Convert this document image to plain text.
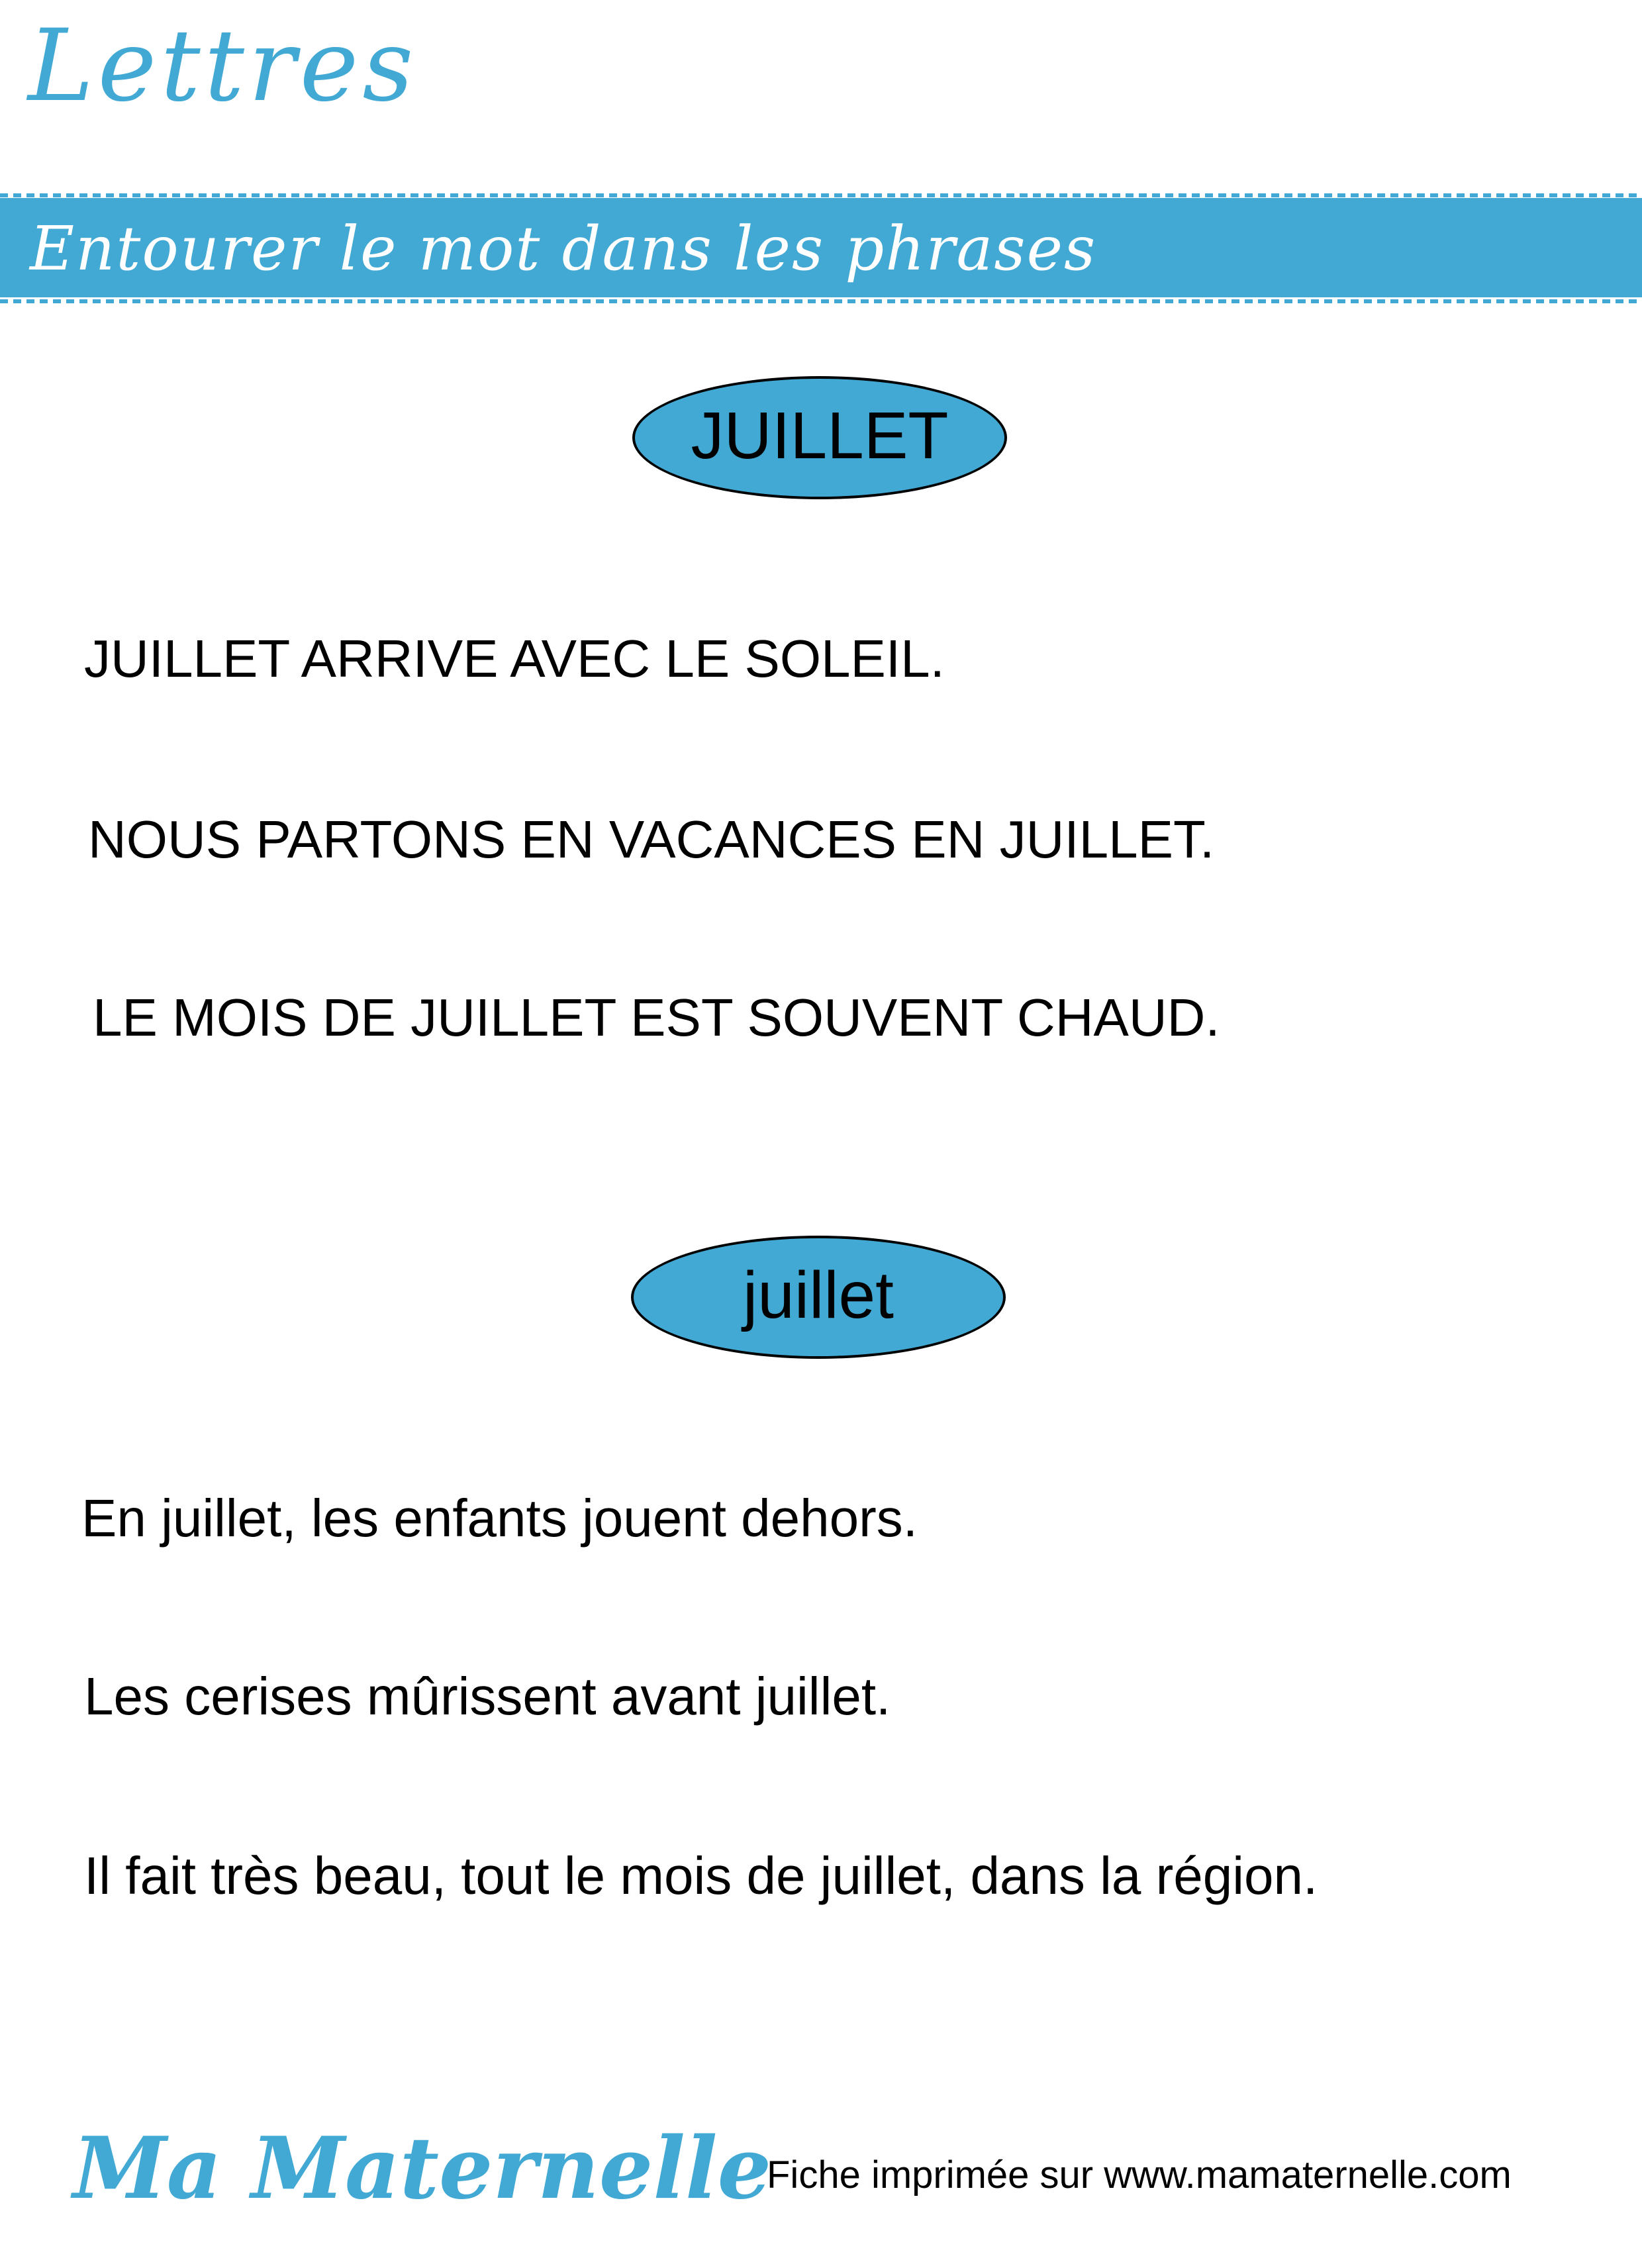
Lettres
Entourer le mot dans les phrases
JUILLET
JUILLET ARRIVE AVEC LE SOLEIL.
NOUS PARTONS EN VACANCES EN JUILLET.
LE MOIS DE JUILLET EST SOUVENT CHAUD.
juillet
En juillet, les enfants jouent dehors.
Les cerises mûrissent avant juillet.
Il fait très beau, tout le mois de juillet, dans la région.
Ma Maternelle
Fiche imprimée sur www.mamaternelle.com
